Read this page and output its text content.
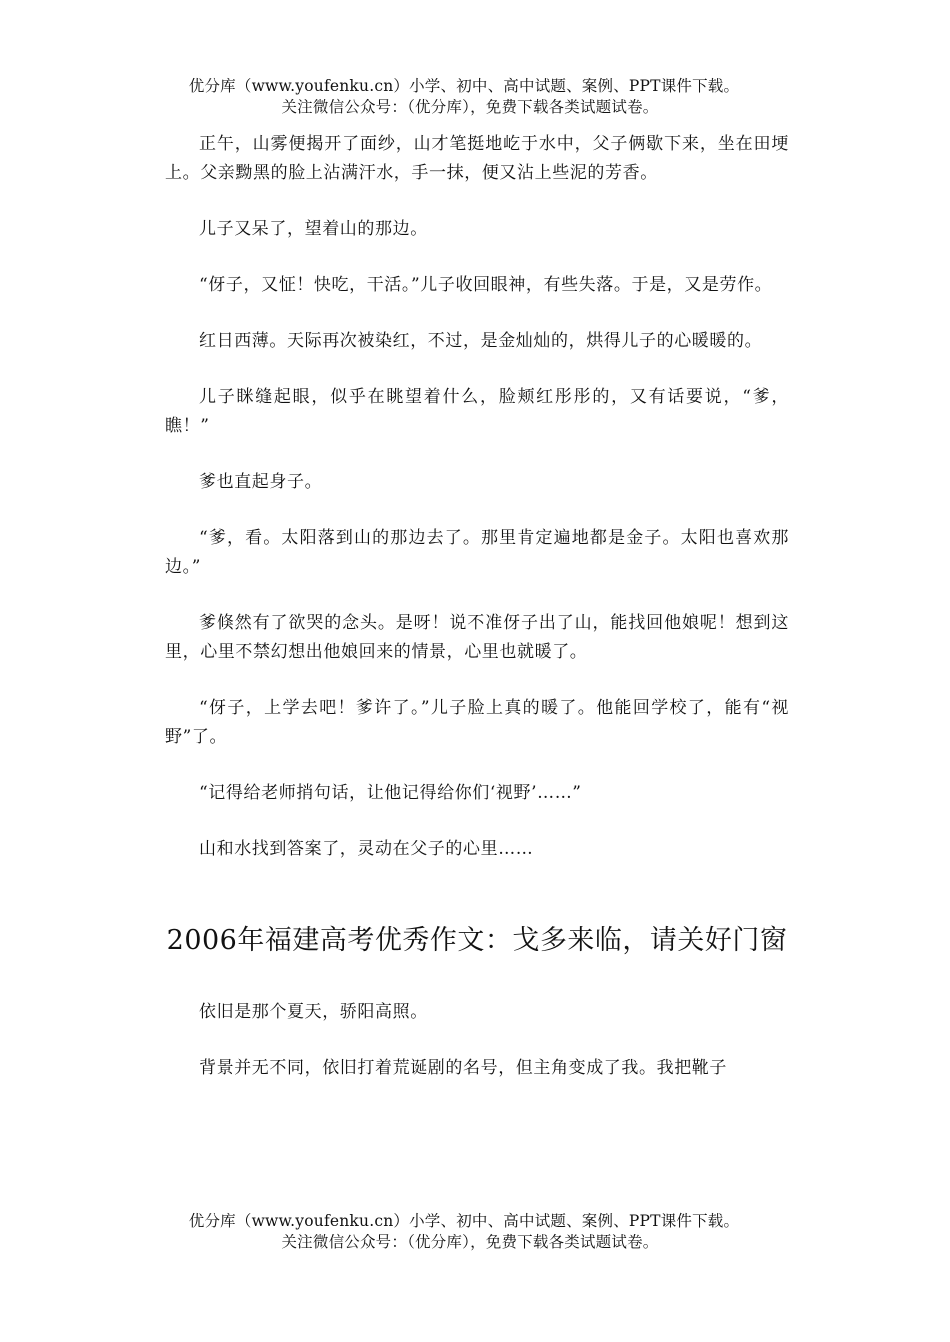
优分库（www.youfenku.cn）小学、初中、高中试题、案例、PPT课件下载。
关注微信公众号：（优分库），免费下载各类试题试卷。

正午，山雾便揭开了面纱，山才笔挺地屹于水中，父子俩歇下来，坐在田埂上。父亲黝黑的脸上沾满汗水，手一抹，便又沾上些泥的芳香。

儿子又呆了，望着山的那边。

“伢子，又怔！快吃，干活。”儿子收回眼神，有些失落。于是，又是劳作。

红日西薄。天际再次被染红，不过，是金灿灿的，烘得儿子的心暖暖的。

儿子眯缝起眼，似乎在眺望着什么，脸颊红彤彤的，又有话要说，“爹，瞧！”

爹也直起身子。

“爹，看。太阳落到山的那边去了。那里肯定遍地都是金子。太阳也喜欢那边。”

爹倏然有了欲哭的念头。是呀！说不准伢子出了山，能找回他娘呢！想到这里，心里不禁幻想出他娘回来的情景，心里也就暖了。

“伢子，上学去吧！爹许了。”儿子脸上真的暖了。他能回学校了，能有“视野”了。

“记得给老师捎句话，让他记得给你们‘视野’……”

山和水找到答案了，灵动在父子的心里……

2006年福建高考优秀作文：戈多来临，请关好门窗

依旧是那个夏天，骄阳高照。

背景并无不同，依旧打着荒诞剧的名号，但主角变成了我。我把靴子

优分库（www.youfenku.cn）小学、初中、高中试题、案例、PPT课件下载。
关注微信公众号：（优分库），免费下载各类试题试卷。
